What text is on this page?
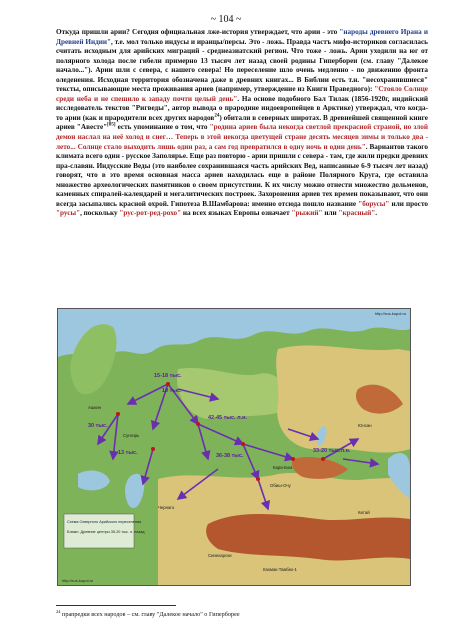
~ 104 ~
Откуда пришли арии? Сегодня официальная лже-история утверждает, что арии - это "народы древнего Ирана и Древней Индии", т.е. мол только индусы и иранцы/персы. Это - ложь. Правда частъ мифо-историков согласилась считать исходным для арийских миграций - среднеазиатский регион. Что тоже - ложь. Арии уходили на юг от полярного холода после гибели примерно 13 тысяч лет назад своей родины Гипербореи (см. главу "Далекое начало..."). Арии шли с севера, с нашего севера! Но переселение шло очень медленно - по движению фронта оледенения. Исходная территория обозначена даже в древних книгах... В Библии есть т.н. "несохранившиеся" тексты, описывающие места проживания ариев (например, утверждение из Книги Праведного): "Стояло Солнце среди неба и не спешило к западу почти целый день". На основе подобного Бал Тилак (1856-1920г, индийский исследователь текстов "Ригведы", автор вывода о прародине индоевропейцев в Арктике) утверждал, что когда-то арии (как и прародители всех других народов$^{24}$) обитали в северных широтах. В древнейшей священной книге ариев "Авесте"[85] есть упоминание о том, что "родина ариев была некогда светлой прекрасной страной, но злой демон наслал на неё холод и снег… Теперь в этой некогда цветущей стране десять месяцев зимы и только два - лето... Солнце стало выходить лишь один раз, а сам год превратился в одну ночь и один день". Вариантов такого климата всего один - русское Заполярье. Еще раз повторю - арии пришли с севера - там, где жили предки древних пра-славян. Индусские Веды (это наиболее сохранившаяся часть арийских Вед, написанные 6-9 тысяч лет назад) говорят, что в это время основная масса ариев находилась еще в районе Полярного Круга, где оставила множество археологических памятников о своем присутствии. К их числу можно отнести множество дольменов, каменных спиралей-календарей и мегалитических построек. Захоронения ариев тех времен показывают, что они всегда засыпались красной охрой. Гипотеза В.Шамбарова: именно отсюда пошло название "борусы" или просто "русы", поскольку "рус-рот-ред-рохо" на всех языках Европы означает "рыжий" или "красный".
15-18 тыс.
10 тыс.
42-45 тыс. л.н.
36-38 тыс.
33-20 тыс.л.н.
30 тыс.
13 тыс.
Ашкин
Сунгирь
Кара-Бом
Обиш-Очу
Чернаго
Китай
Юнсан
Кахмак-Тамбек-1
Синехарски
Схема Северного Арийского переселения
Ближн. Древние центры 35-20 тыс. л. назад
http://rus-kupol.ru
http://rus-kupol.ru
$^{24}$ прапредки всех народов – см. главу "Далекое начало" о Гиперборее
